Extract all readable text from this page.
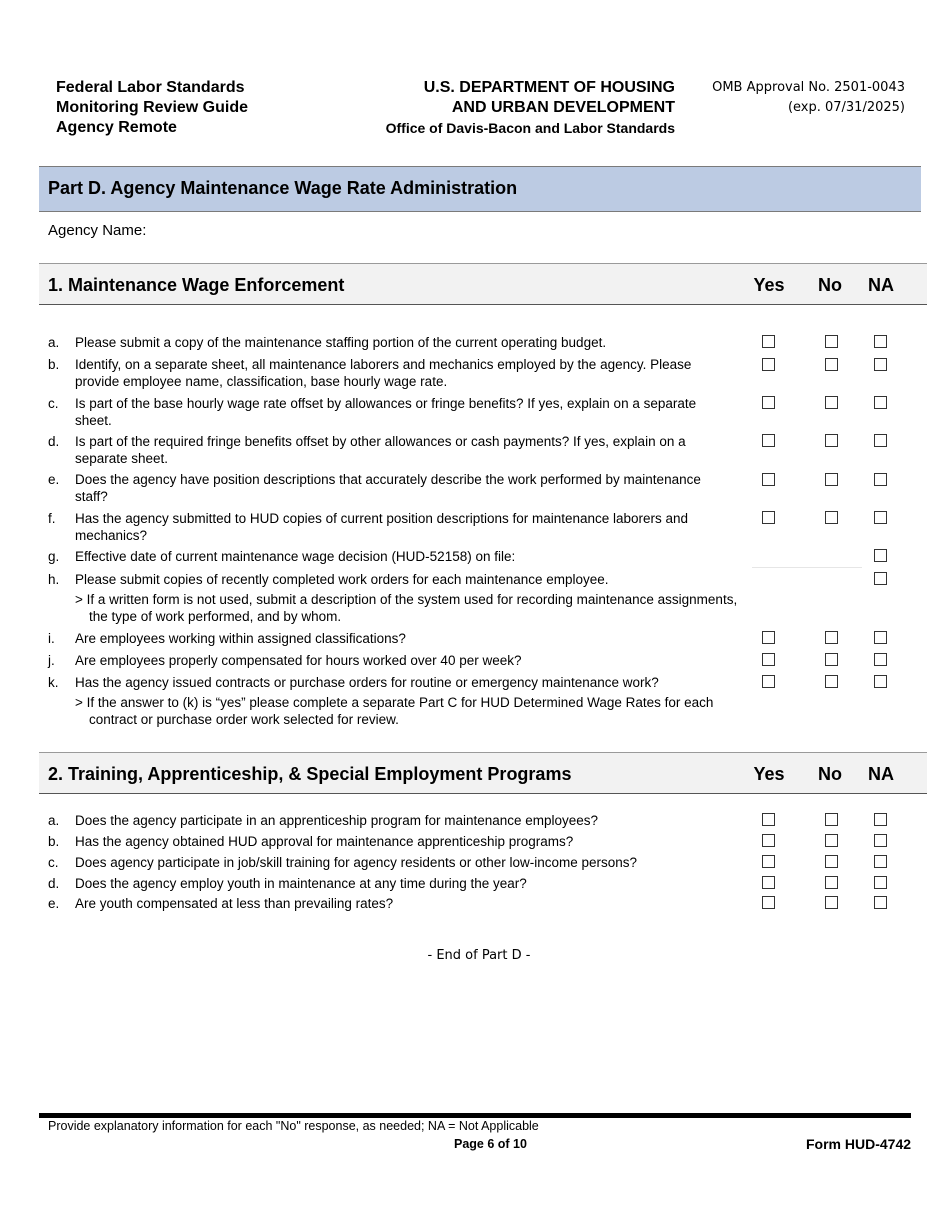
Federal Labor Standards
Monitoring Review Guide
Agency Remote
U.S. DEPARTMENT OF HOUSING
AND URBAN DEVELOPMENT
Office of Davis-Bacon and Labor Standards
OMB Approval No. 2501-0043
(exp. 07/31/2025)
Part D. Agency Maintenance Wage Rate Administration
Agency Name:
1. Maintenance Wage Enforcement	Yes	No	NA
a. Please submit a copy of the maintenance staffing portion of the current operating budget.
b. Identify, on a separate sheet, all maintenance laborers and mechanics employed by the agency. Please provide employee name, classification, base hourly wage rate.
c. Is part of the base hourly wage rate offset by allowances or fringe benefits? If yes, explain on a separate sheet.
d. Is part of the required fringe benefits offset by other allowances or cash payments? If yes, explain on a separate sheet.
e. Does the agency have position descriptions that accurately describe the work performed by maintenance staff?
f. Has the agency submitted to HUD copies of current position descriptions for maintenance laborers and mechanics?
g. Effective date of current maintenance wage decision (HUD-52158) on file:
h. Please submit copies of recently completed work orders for each maintenance employee.
> If a written form is not used, submit a description of the system used for recording maintenance assignments, the type of work performed, and by whom.
i. Are employees working within assigned classifications?
j. Are employees properly compensated for hours worked over 40 per week?
k. Has the agency issued contracts or purchase orders for routine or emergency maintenance work?
> If the answer to (k) is “yes” please complete a separate Part C for HUD Determined Wage Rates for each contract or purchase order work selected for review.
2. Training, Apprenticeship, & Special Employment Programs	Yes	No	NA
a. Does the agency participate in an apprenticeship program for maintenance employees?
b. Has the agency obtained HUD approval for maintenance apprenticeship programs?
c. Does agency participate in job/skill training for agency residents or other low-income persons?
d. Does the agency employ youth in maintenance at any time during the year?
e. Are youth compensated at less than prevailing rates?
- End of Part D -
Provide explanatory information for each "No" response, as needed; NA = Not Applicable
Page 6 of 10	Form HUD-4742
